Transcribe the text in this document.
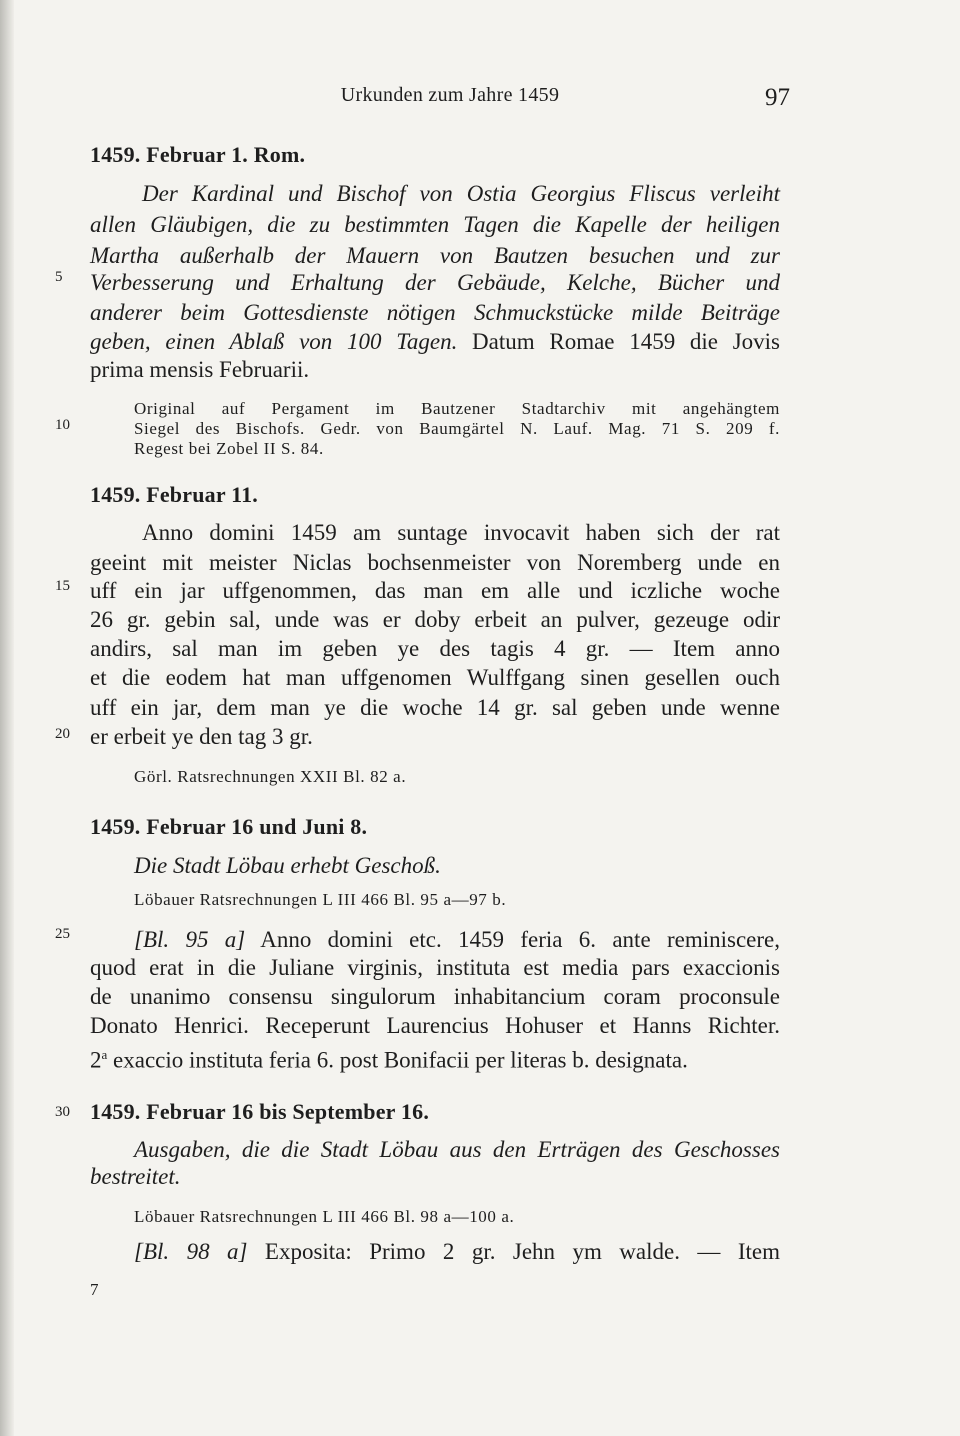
Urkunden zum Jahre 1459	97
1459. Februar 1. Rom.
Der Kardinal und Bischof von Ostia Georgius Fliscus verleiht
allen Gläubigen, die zu bestimmten Tagen die Kapelle der heiligen
Martha außerhalb der Mauern von Bautzen besuchen und zur
5	Verbesserung und Erhaltung der Gebäude, Kelche, Bücher und
anderer beim Gottesdienste nötigen Schmuckstücke milde Beiträge
geben, einen Ablaß von 100 Tagen. Datum Romae 1459 die Jovis
prima mensis Februarii.
Original auf Pergament im Bautzener Stadtarchiv mit angehängtem
10	Siegel des Bischofs. Gedr. von Baumgärtel N. Lauf. Mag. 71 S. 209 f.
Regest bei Zobel II S. 84.
1459. Februar 11.
Anno domini 1459 am suntage invocavit haben sich der rat
geeint mit meister Niclas bochsenmeister von Noremberg unde en
15 uff ein jar uffgenommen, das man em alle und iczliche woche
26 gr. gebin sal, unde was er doby erbeit an pulver, gezeuge odir
andirs, sal man im geben ye des tagis 4 gr. — Item anno
et die eodem hat man uffgenomen Wulffgang sinen gesellen ouch
uff ein jar, dem man ye die woche 14 gr. sal geben unde wenne
20 er erbeit ye den tag 3 gr.
Görl. Ratsrechnungen XXII Bl. 82 a.
1459. Februar 16 und Juni 8.
Die Stadt Löbau erhebt Geschoß.
Löbauer Ratsrechnungen L III 466 Bl. 95 a—97 b.
25	[Bl. 95 a] Anno domini etc. 1459 feria 6. ante reminiscere,
quod erat in die Juliane virginis, instituta est media pars exaccionis
de unanimo consensu singulorum inhabitancium coram proconsule
Donato Henrici. Receperunt Laurencius Hohuser et Hanns Richter.
2$^a$ exaccio instituta feria 6. post Bonifacii per literas b. designata.
30 1459. Februar 16 bis September 16.
Ausgaben, die die Stadt Löbau aus den Erträgen des Geschosses
bestreitet.
Löbauer Ratsrechnungen L III 466 Bl. 98 a—100 a.
[Bl. 98 a] Exposita: Primo 2 gr. Jehn ym walde. — Item
7
